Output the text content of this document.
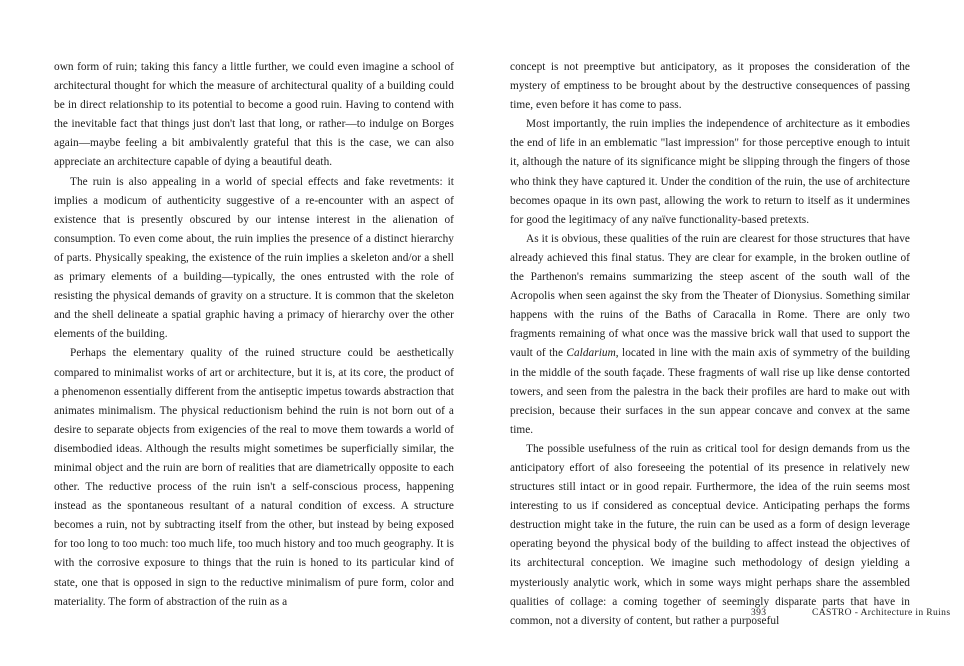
own form of ruin; taking this fancy a little further, we could even imagine a school of architectural thought for which the measure of architectural quality of a building could be in direct relationship to its potential to become a good ruin. Having to contend with the inevitable fact that things just don't last that long, or rather—to indulge on Borges again—maybe feeling a bit ambivalently grateful that this is the case, we can also appreciate an architecture capable of dying a beautiful death.

The ruin is also appealing in a world of special effects and fake revetments: it implies a modicum of authenticity suggestive of a re-encounter with an aspect of existence that is presently obscured by our intense interest in the alienation of consumption. To even come about, the ruin implies the presence of a distinct hierarchy of parts. Physically speaking, the existence of the ruin implies a skeleton and/or a shell as primary elements of a building—typically, the ones entrusted with the role of resisting the physical demands of gravity on a structure. It is common that the skeleton and the shell delineate a spatial graphic having a primacy of hierarchy over the other elements of the building.

Perhaps the elementary quality of the ruined structure could be aesthetically compared to minimalist works of art or architecture, but it is, at its core, the product of a phenomenon essentially different from the antiseptic impetus towards abstraction that animates minimalism. The physical reductionism behind the ruin is not born out of a desire to separate objects from exigencies of the real to move them towards a world of disembodied ideas. Although the results might sometimes be superficially similar, the minimal object and the ruin are born of realities that are diametrically opposite to each other. The reductive process of the ruin isn't a self-conscious process, happening instead as the spontaneous resultant of a natural condition of excess. A structure becomes a ruin, not by subtracting itself from the other, but instead by being exposed for too long to too much: too much life, too much history and too much geography. It is with the corrosive exposure to things that the ruin is honed to its particular kind of state, one that is opposed in sign to the reductive minimalism of pure form, color and materiality. The form of abstraction of the ruin as a

concept is not preemptive but anticipatory, as it proposes the consideration of the mystery of emptiness to be brought about by the destructive consequences of passing time, even before it has come to pass.

Most importantly, the ruin implies the independence of architecture as it embodies the end of life in an emblematic "last impression" for those perceptive enough to intuit it, although the nature of its significance might be slipping through the fingers of those who think they have captured it. Under the condition of the ruin, the use of architecture becomes opaque in its own past, allowing the work to return to itself as it undermines for good the legitimacy of any naïve functionality-based pretexts.

As it is obvious, these qualities of the ruin are clearest for those structures that have already achieved this final status. They are clear for example, in the broken outline of the Parthenon's remains summarizing the steep ascent of the south wall of the Acropolis when seen against the sky from the Theater of Dionysius. Something similar happens with the ruins of the Baths of Caracalla in Rome. There are only two fragments remaining of what once was the massive brick wall that used to support the vault of the Caldarium, located in line with the main axis of symmetry of the building in the middle of the south façade. These fragments of wall rise up like dense contorted towers, and seen from the palestra in the back their profiles are hard to make out with precision, because their surfaces in the sun appear concave and convex at the same time.

The possible usefulness of the ruin as critical tool for design demands from us the anticipatory effort of also foreseeing the potential of its presence in relatively new structures still intact or in good repair. Furthermore, the idea of the ruin seems most interesting to us if considered as conceptual device. Anticipating perhaps the forms destruction might take in the future, the ruin can be used as a form of design leverage operating beyond the physical body of the building to affect instead the objectives of its architectural conception. We imagine such methodology of design yielding a mysteriously analytic work, which in some ways might perhaps share the assembled qualities of collage: a coming together of seemingly disparate parts that have in common, not a diversity of content, but rather a purposeful

393	CASTRO - Architecture in Ruins
